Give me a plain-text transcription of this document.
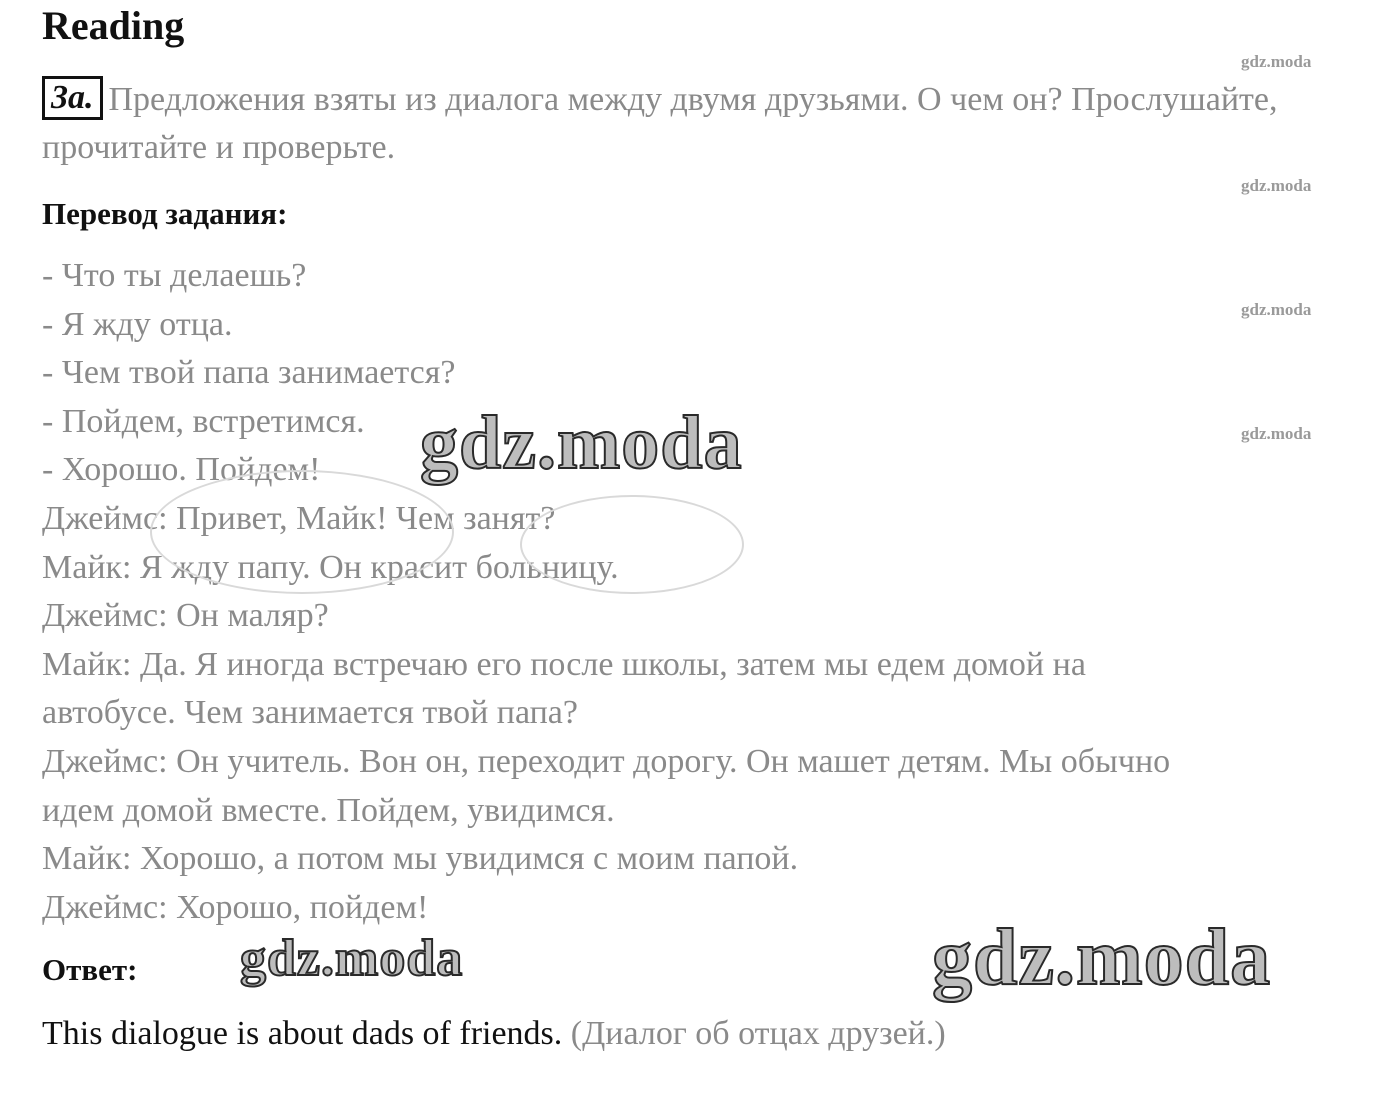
Reading
gdz.moda
gdz.moda
gdz.moda
gdz.moda
3a. Предложения взяты из диалога между двумя друзьями. О чем он? Прослушайте, прочитайте и проверьте.
Перевод задания:
- Что ты делаешь?
- Я жду отца.
- Чем твой папа занимается?
- Пойдем, встретимся.
- Хорошо. Пойдем!
Джеймс: Привет, Майк! Чем занят?
Майк: Я жду папу. Он красит больницу.
Джеймс: Он маляр?
Майк: Да. Я иногда встречаю его после школы, затем мы едем домой на
автобусе. Чем занимается твой папа?
Джеймс: Он учитель. Вон он, переходит дорогу. Он машет детям. Мы обычно
идем домой вместе. Пойдем, увидимся.
Майк: Хорошо, а потом мы увидимся с моим папой.
Джеймс: Хорошо, пойдем!
gdz.moda
Ответ: gdz.moda	gdz.moda
This dialogue is about dads of friends. (Диалог об отцах друзей.)
